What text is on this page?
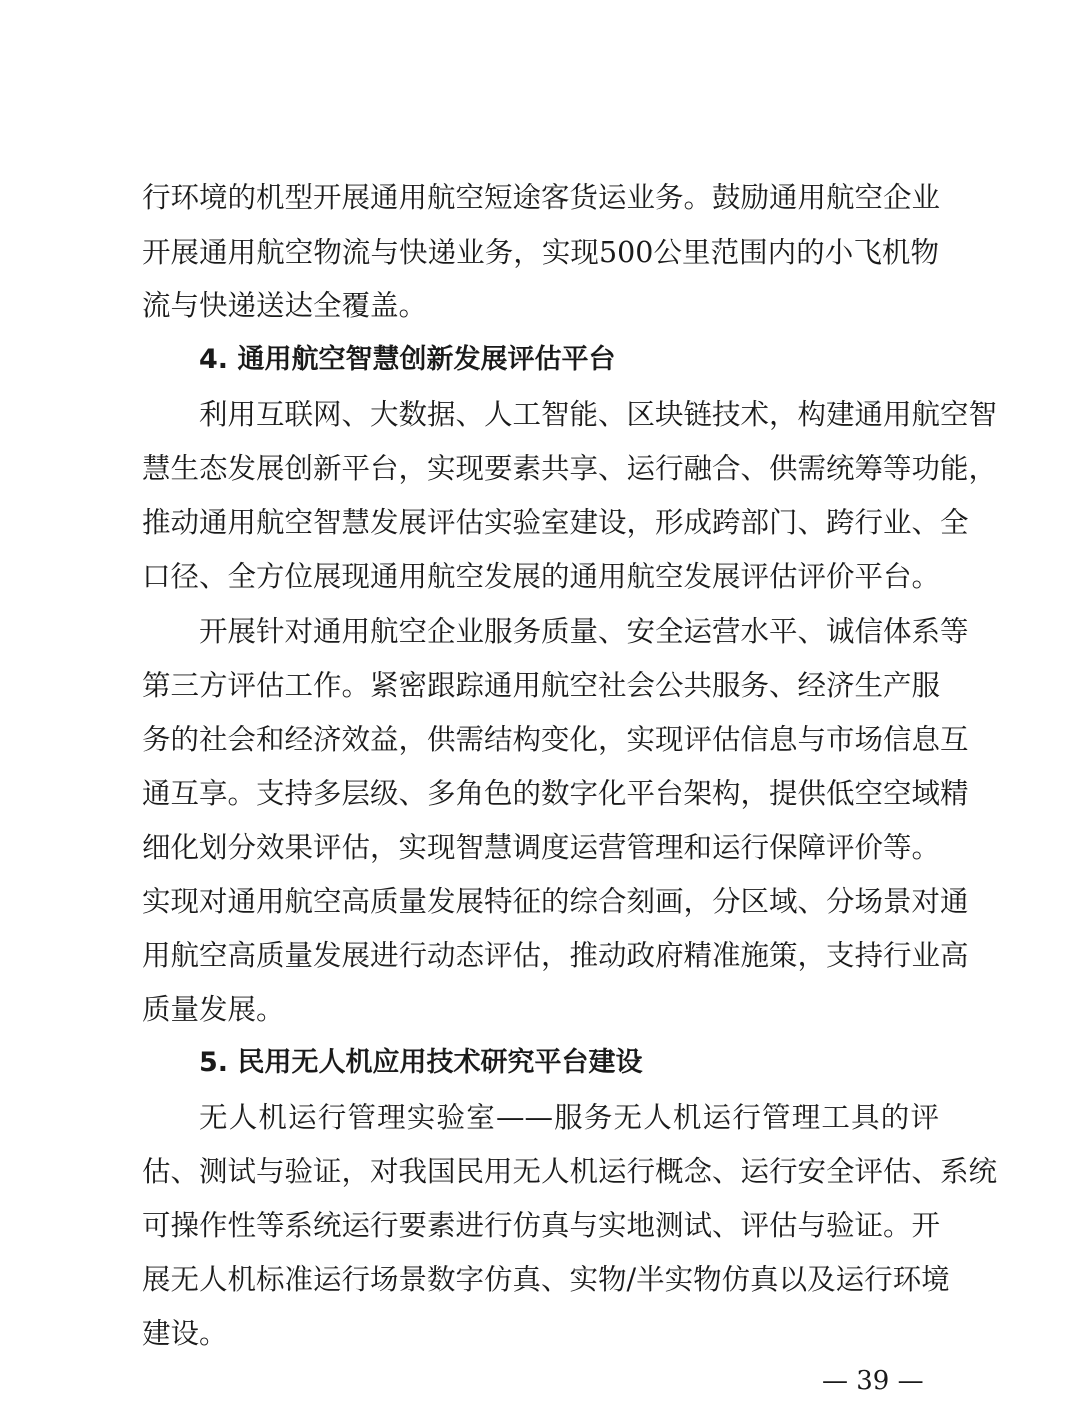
行环境的机型开展通用航空短途客货运业务。鼓励通用航空企业
开展通用航空物流与快递业务，实现500公里范围内的小飞机物
流与快递送达全覆盖。
4. 通用航空智慧创新发展评估平台
利用互联网、大数据、人工智能、区块链技术，构建通用航空智
慧生态发展创新平台，实现要素共享、运行融合、供需统筹等功能，
推动通用航空智慧发展评估实验室建设，形成跨部门、跨行业、全
口径、全方位展现通用航空发展的通用航空发展评估评价平台。
开展针对通用航空企业服务质量、安全运营水平、诚信体系等
第三方评估工作。紧密跟踪通用航空社会公共服务、经济生产服
务的社会和经济效益，供需结构变化，实现评估信息与市场信息互
通互享。支持多层级、多角色的数字化平台架构，提供低空空域精
细化划分效果评估，实现智慧调度运营管理和运行保障评价等。
实现对通用航空高质量发展特征的综合刻画，分区域、分场景对通
用航空高质量发展进行动态评估，推动政府精准施策，支持行业高
质量发展。
5. 民用无人机应用技术研究平台建设
无人机运行管理实验室——服务无人机运行管理工具的评
估、测试与验证，对我国民用无人机运行概念、运行安全评估、系统
可操作性等系统运行要素进行仿真与实地测试、评估与验证。开
展无人机标准运行场景数字仿真、实物/半实物仿真以及运行环境
建设。
— 39 —
